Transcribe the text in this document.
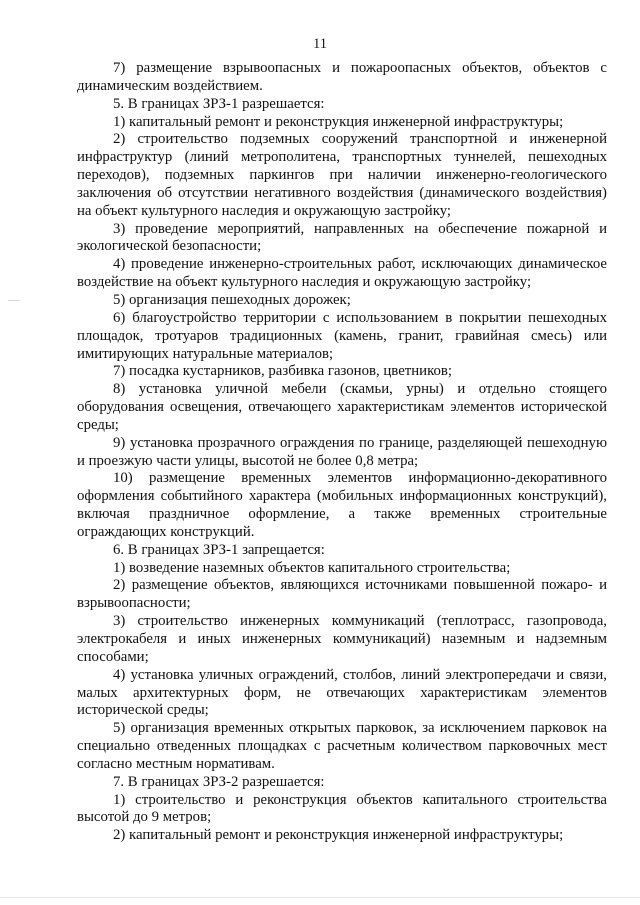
11

7) размещение взрывоопасных и пожароопасных объектов, объектов с динамическим воздействием.

5. В границах ЗРЗ-1 разрешается:

1) капитальный ремонт и реконструкция инженерной инфраструктуры;

2) строительство подземных сооружений транспортной и инженерной инфраструктур (линий метрополитена, транспортных туннелей, пешеходных переходов), подземных паркингов при наличии инженерно-геологического заключения об отсутствии негативного воздействия (динамического воздействия) на объект культурного наследия и окружающую застройку;

3) проведение мероприятий, направленных на обеспечение пожарной и экологической безопасности;

4) проведение инженерно-строительных работ, исключающих динамическое воздействие на объект культурного наследия и окружающую застройку;

5) организация пешеходных дорожек;

6) благоустройство территории с использованием в покрытии пешеходных площадок, тротуаров традиционных (камень, гранит, гравийная смесь) или имитирующих натуральные материалов;

7) посадка кустарников, разбивка газонов, цветников;

8) установка уличной мебели (скамьи, урны) и отдельно стоящего оборудования освещения, отвечающего характеристикам элементов исторической среды;

9) установка прозрачного ограждения по границе, разделяющей пешеходную и проезжую части улицы, высотой не более 0,8 метра;

10) размещение временных элементов информационно-декоративного оформления событийного характера (мобильных информационных конструкций), включая праздничное оформление, а также временных строительные ограждающих конструкций.

6. В границах ЗРЗ-1 запрещается:

1) возведение наземных объектов капитального строительства;

2) размещение объектов, являющихся источниками повышенной пожаро- и взрывоопасности;

3) строительство инженерных коммуникаций (теплотрасс, газопровода, электрокабеля и иных инженерных коммуникаций) наземным и надземным способами;

4) установка уличных ограждений, столбов, линий электропередачи и связи, малых архитектурных форм, не отвечающих характеристикам элементов исторической среды;

5) организация временных открытых парковок, за исключением парковок на специально отведенных площадках с расчетным количеством парковочных мест согласно местным нормативам.

7. В границах ЗРЗ-2 разрешается:

1) строительство и реконструкция объектов капитального строительства высотой до 9 метров;

2) капитальный ремонт и реконструкция инженерной инфраструктуры;
